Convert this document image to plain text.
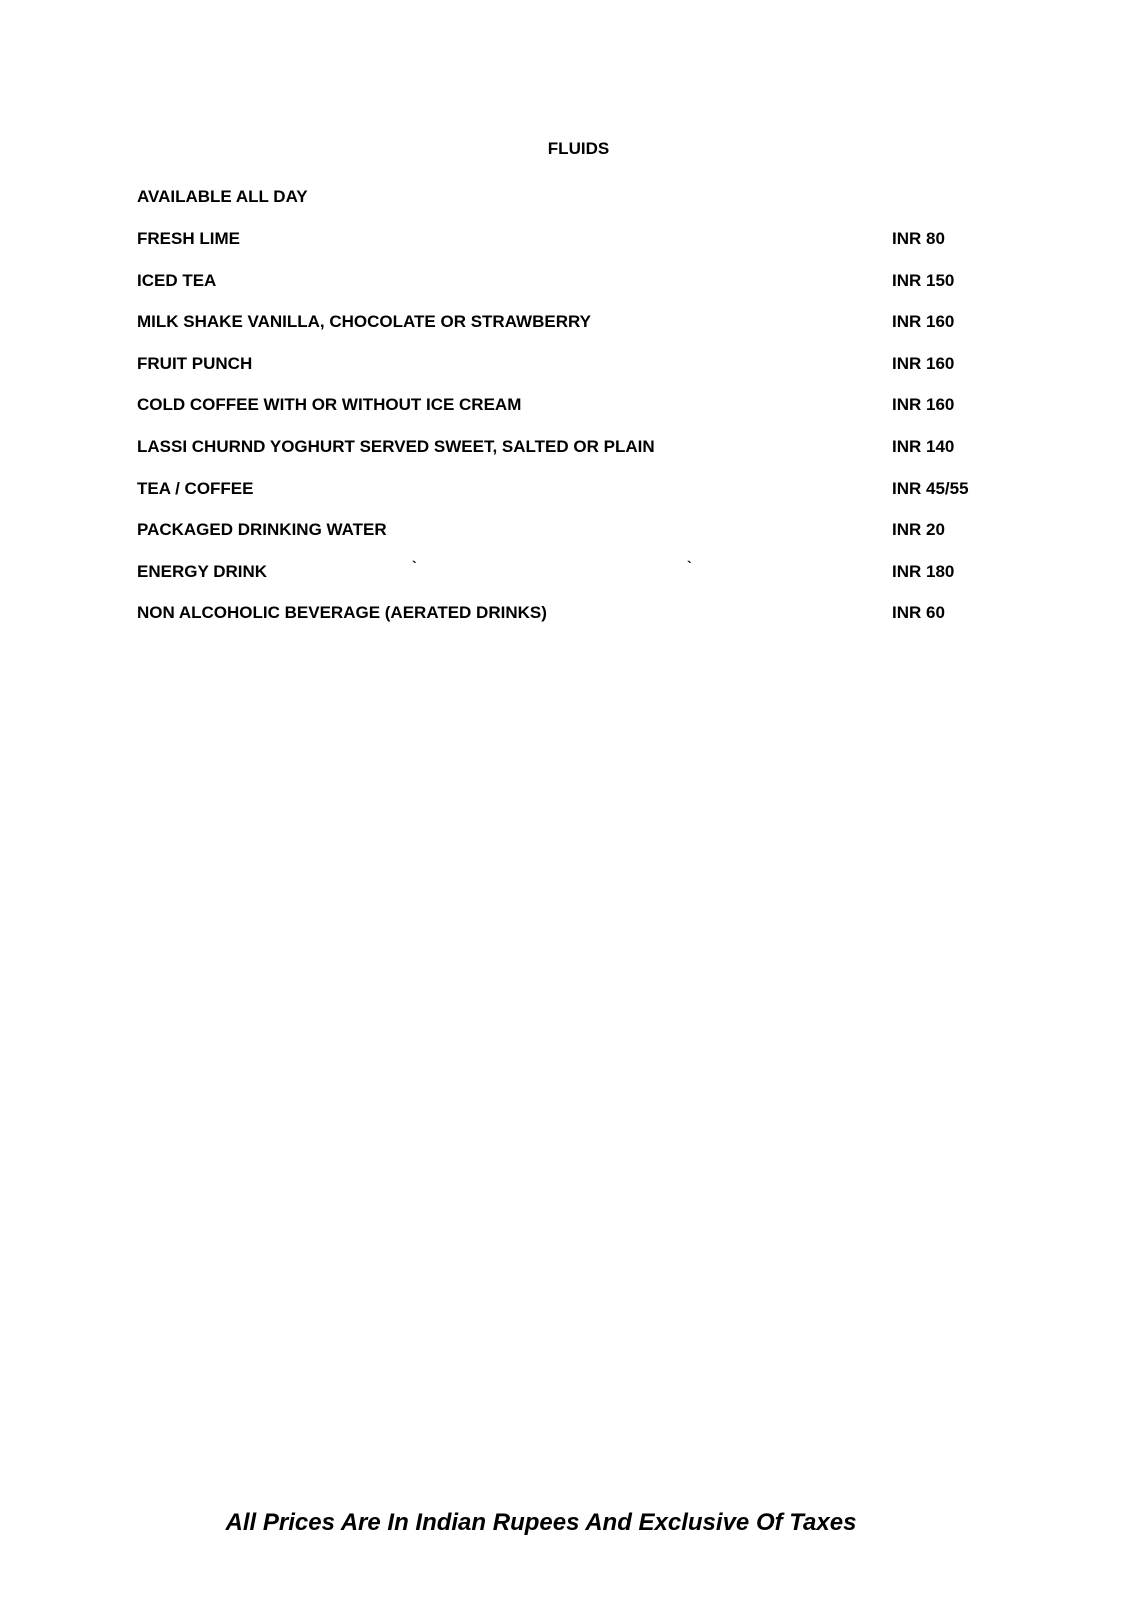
FLUIDS
AVAILABLE ALL DAY
FRESH LIME	INR 80
ICED TEA	INR 150
MILK SHAKE VANILLA, CHOCOLATE OR STRAWBERRY	INR 160
FRUIT PUNCH	INR 160
COLD COFFEE WITH OR WITHOUT ICE CREAM	INR 160
LASSI CHURND YOGHURT SERVED SWEET, SALTED OR PLAIN	INR 140
TEA / COFFEE	INR 45/55
PACKAGED DRINKING WATER	INR 20
ENERGY DRINK	`	`	INR 180
NON ALCOHOLIC BEVERAGE (AERATED DRINKS)	INR 60
All Prices Are In Indian Rupees And Exclusive Of Taxes
